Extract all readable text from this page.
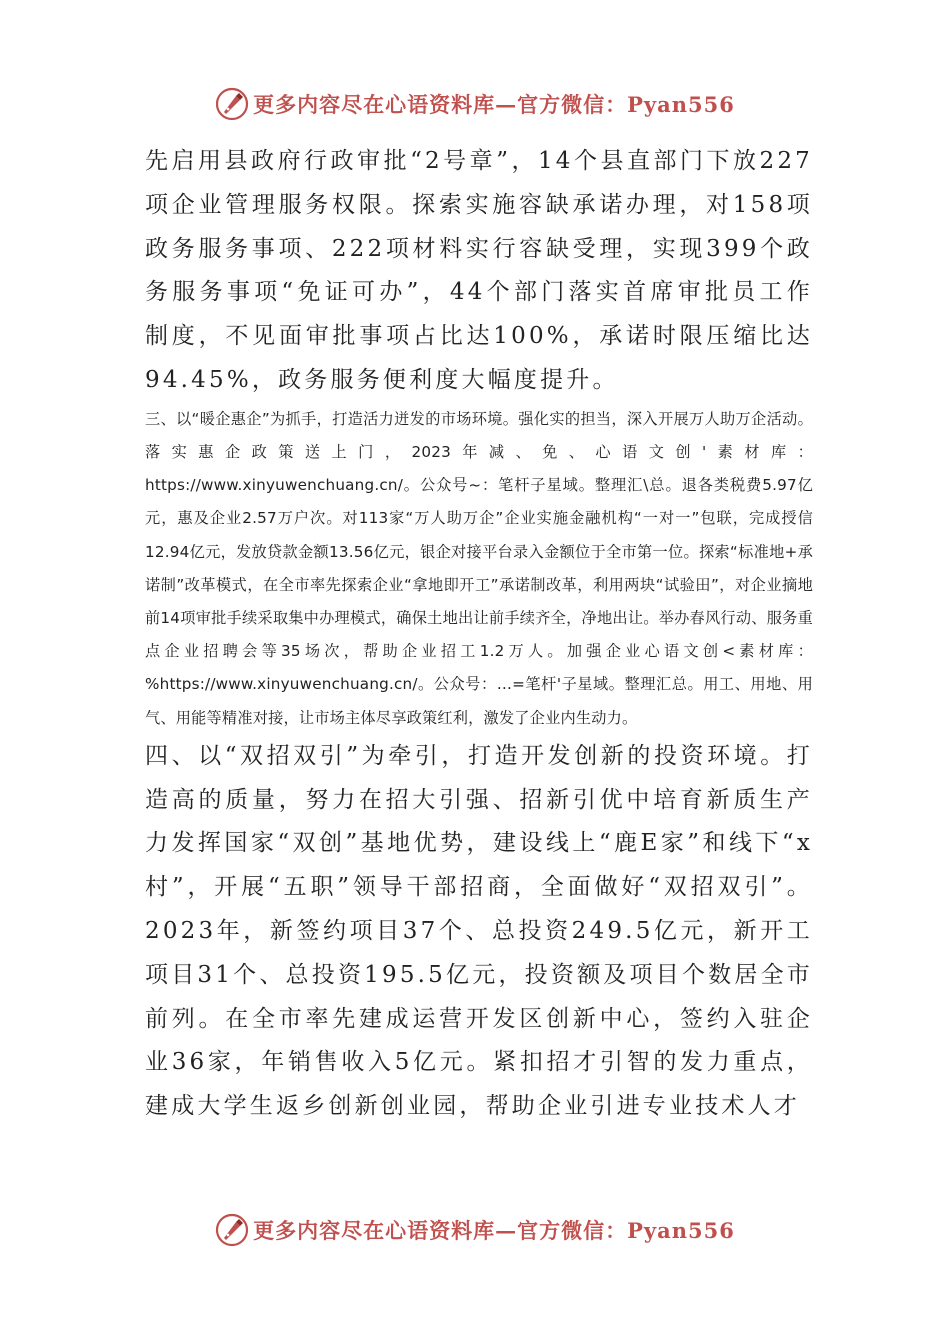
更多内容尽在心语资料库—官方微信：Pyan556

先启用县政府行政审批“2号章”，14个县直部门下放227项企业管理服务权限。探索实施容缺承诺办理，对158项政务服务事项、222项材料实行容缺受理，实现399个政务服务事项“免证可办”，44个部门落实首席审批员工作制度，不见面审批事项占比达100%，承诺时限压缩比达94.45%，政务服务便利度大幅度提升。

三、以“暖企惠企”为抓手，打造活力迸发的市场环境。强化实的担当，深入开展万人助万企活动。落实惠企政策送上门，2023年减、免、心语文创'素材库：https://www.xinyuwenchuang.cn/。公众号~：笔杆子星域。整理汇\总。退各类税费5.97亿元，惠及企业2.57万户次。对113家“万人助万企”企业实施金融机构“一对一”包联，完成授信12.94亿元，发放贷款金额13.56亿元，银企对接平台录入金额位于全市第一位。探索“标准地+承诺制”改革模式，在全市率先探索企业“拿地即开工”承诺制改革，利用两块“试验田”，对企业摘地前14项审批手续采取集中办理模式，确保土地出让前手续齐全，净地出让。举办春风行动、服务重点企业招聘会等35场次，帮助企业招工1.2万人。加强企业心语文创<素材库：%https://www.xinyuwenchuang.cn/。公众号：…=笔杆'子星域。整理汇总。用工、用地、用气、用能等精准对接，让市场主体尽享政策红利，激发了企业内生动力。

四、以“双招双引”为牵引，打造开发创新的投资环境。打造高的质量，努力在招大引强、招新引优中培育新质生产力发挥国家“双创”基地优势，建设线上“鹿E家”和线下“x村”，开展“五职”领导干部招商，全面做好“双招双引”。2023年，新签约项目37个、总投资249.5亿元，新开工项目31个、总投资195.5亿元，投资额及项目个数居全市前列。在全市率先建成运营开发区创新中心，签约入驻企业36家，年销售收入5亿元。紧扣招才引智的发力重点，建成大学生返乡创新创业园，帮助企业引进专业技术人才

更多内容尽在心语资料库—官方微信：Pyan556
